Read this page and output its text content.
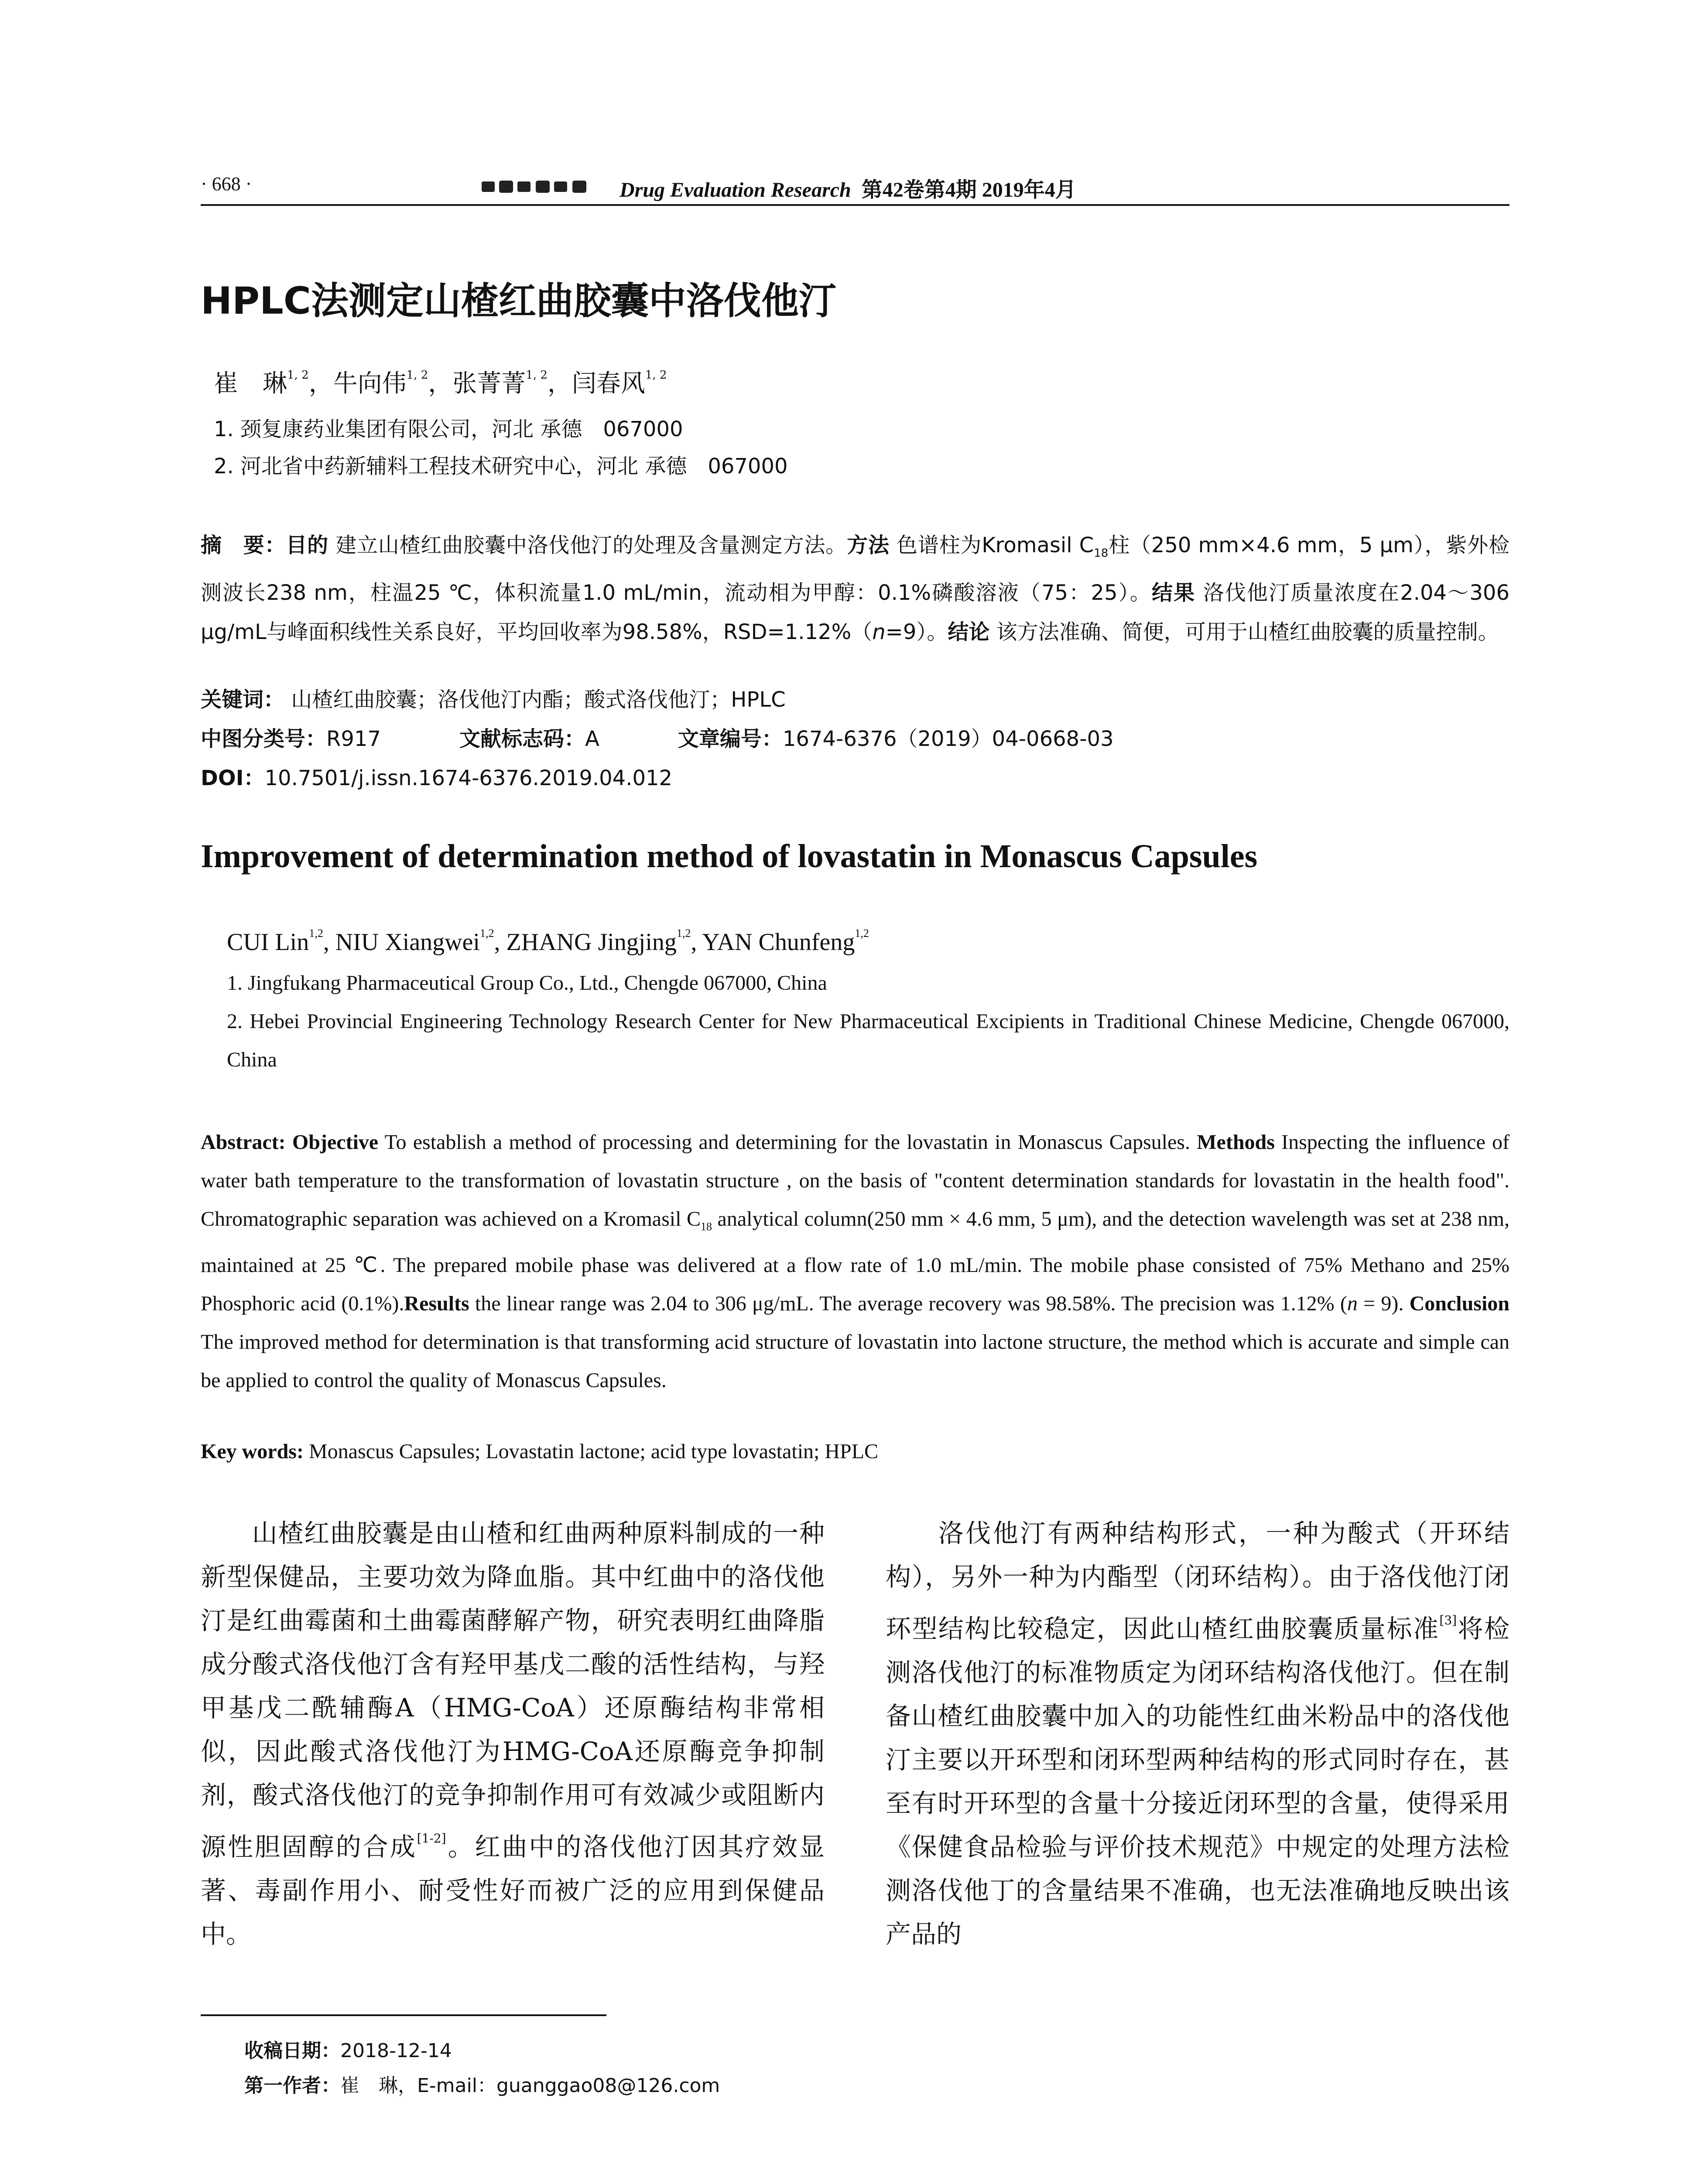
· 668 ·	Drug Evaluation Research 第42卷第4期 2019年4月
HPLC法测定山楂红曲胶囊中洛伐他汀
崔　琳$^{1, 2}$，牛向伟$^{1, 2}$，张菁菁$^{1, 2}$，闫春风$^{1, 2}$
1. 颈复康药业集团有限公司，河北 承德　067000
2. 河北省中药新辅料工程技术研究中心，河北 承德　067000
摘　要：目的 建立山楂红曲胶囊中洛伐他汀的处理及含量测定方法。方法 色谱柱为Kromasil $C_{18}$柱（250 mm×4.6 mm，5 μm），紫外检测波长238 nm，柱温25 ℃，体积流量1.0 mL/min，流动相为甲醇：0.1%磷酸溶液（75：25）。结果 洛伐他汀质量浓度在2.04～306 μg/mL与峰面积线性关系良好，平均回收率为98.58%，RSD=1.12%（n=9）。结论 该方法准确、简便，可用于山楂红曲胶囊的质量控制。
关键词： 山楂红曲胶囊；洛伐他汀内酯；酸式洛伐他汀；HPLC
中图分类号：R917	文献标志码：A	文章编号：1674-6376（2019）04-0668-03
DOI：10.7501/j.issn.1674-6376.2019.04.012
Improvement of determination method of lovastatin in Monascus Capsules
CUI Lin$^{1,2}$, NIU Xiangwei$^{1,2}$, ZHANG Jingjing$^{1,2}$, YAN Chunfeng$^{1,2}$
1. Jingfukang Pharmaceutical Group Co., Ltd., Chengde 067000, China
2. Hebei Provincial Engineering Technology Research Center for New Pharmaceutical Excipients in Traditional Chinese Medicine, Chengde 067000, China
Abstract: Objective To establish a method of processing and determining for the lovastatin in Monascus Capsules. Methods Inspecting the influence of water bath temperature to the transformation of lovastatin structure , on the basis of "content determination standards for lovastatin in the health food". Chromatographic separation was achieved on a Kromasil $C_{18}$ analytical column(250 mm × 4.6 mm, 5 μm), and the detection wavelength was set at 238 nm, maintained at 25 ℃. The prepared mobile phase was delivered at a flow rate of 1.0 mL/min. The mobile phase consisted of 75% Methano and 25% Phosphoric acid (0.1%).Results the linear range was 2.04 to 306 μg/mL. The average recovery was 98.58%. The precision was 1.12% (n = 9). Conclusion The improved method for determination is that transforming acid structure of lovastatin into lactone structure, the method which is accurate and simple can be applied to control the quality of Monascus Capsules.
Key words: Monascus Capsules; Lovastatin lactone; acid type lovastatin; HPLC
山楂红曲胶囊是由山楂和红曲两种原料制成的一种新型保健品，主要功效为降血脂。其中红曲中的洛伐他汀是红曲霉菌和土曲霉菌酵解产物，研究表明红曲降脂成分酸式洛伐他汀含有羟甲基戊二酸的活性结构，与羟甲基戊二酰辅酶A（HMG-CoA）还原酶结构非常相似，因此酸式洛伐他汀为HMG-CoA还原酶竞争抑制剂，酸式洛伐他汀的竞争抑制作用可有效减少或阻断内源性胆固醇的合成[1-2]。红曲中的洛伐他汀因其疗效显著、毒副作用小、耐受性好而被广泛的应用到保健品中。
洛伐他汀有两种结构形式，一种为酸式（开环结构），另外一种为内酯型（闭环结构）。由于洛伐他汀闭环型结构比较稳定，因此山楂红曲胶囊质量标准[3]将检测洛伐他汀的标准物质定为闭环结构洛伐他汀。但在制备山楂红曲胶囊中加入的功能性红曲米粉品中的洛伐他汀主要以开环型和闭环型两种结构的形式同时存在，甚至有时开环型的含量十分接近闭环型的含量，使得采用《保健食品检验与评价技术规范》中规定的处理方法检测洛伐他丁的含量结果不准确，也无法准确地反映出该产品的
收稿日期：2018-12-14
第一作者：崔　琳，E-mail：guanggao08@126.com
